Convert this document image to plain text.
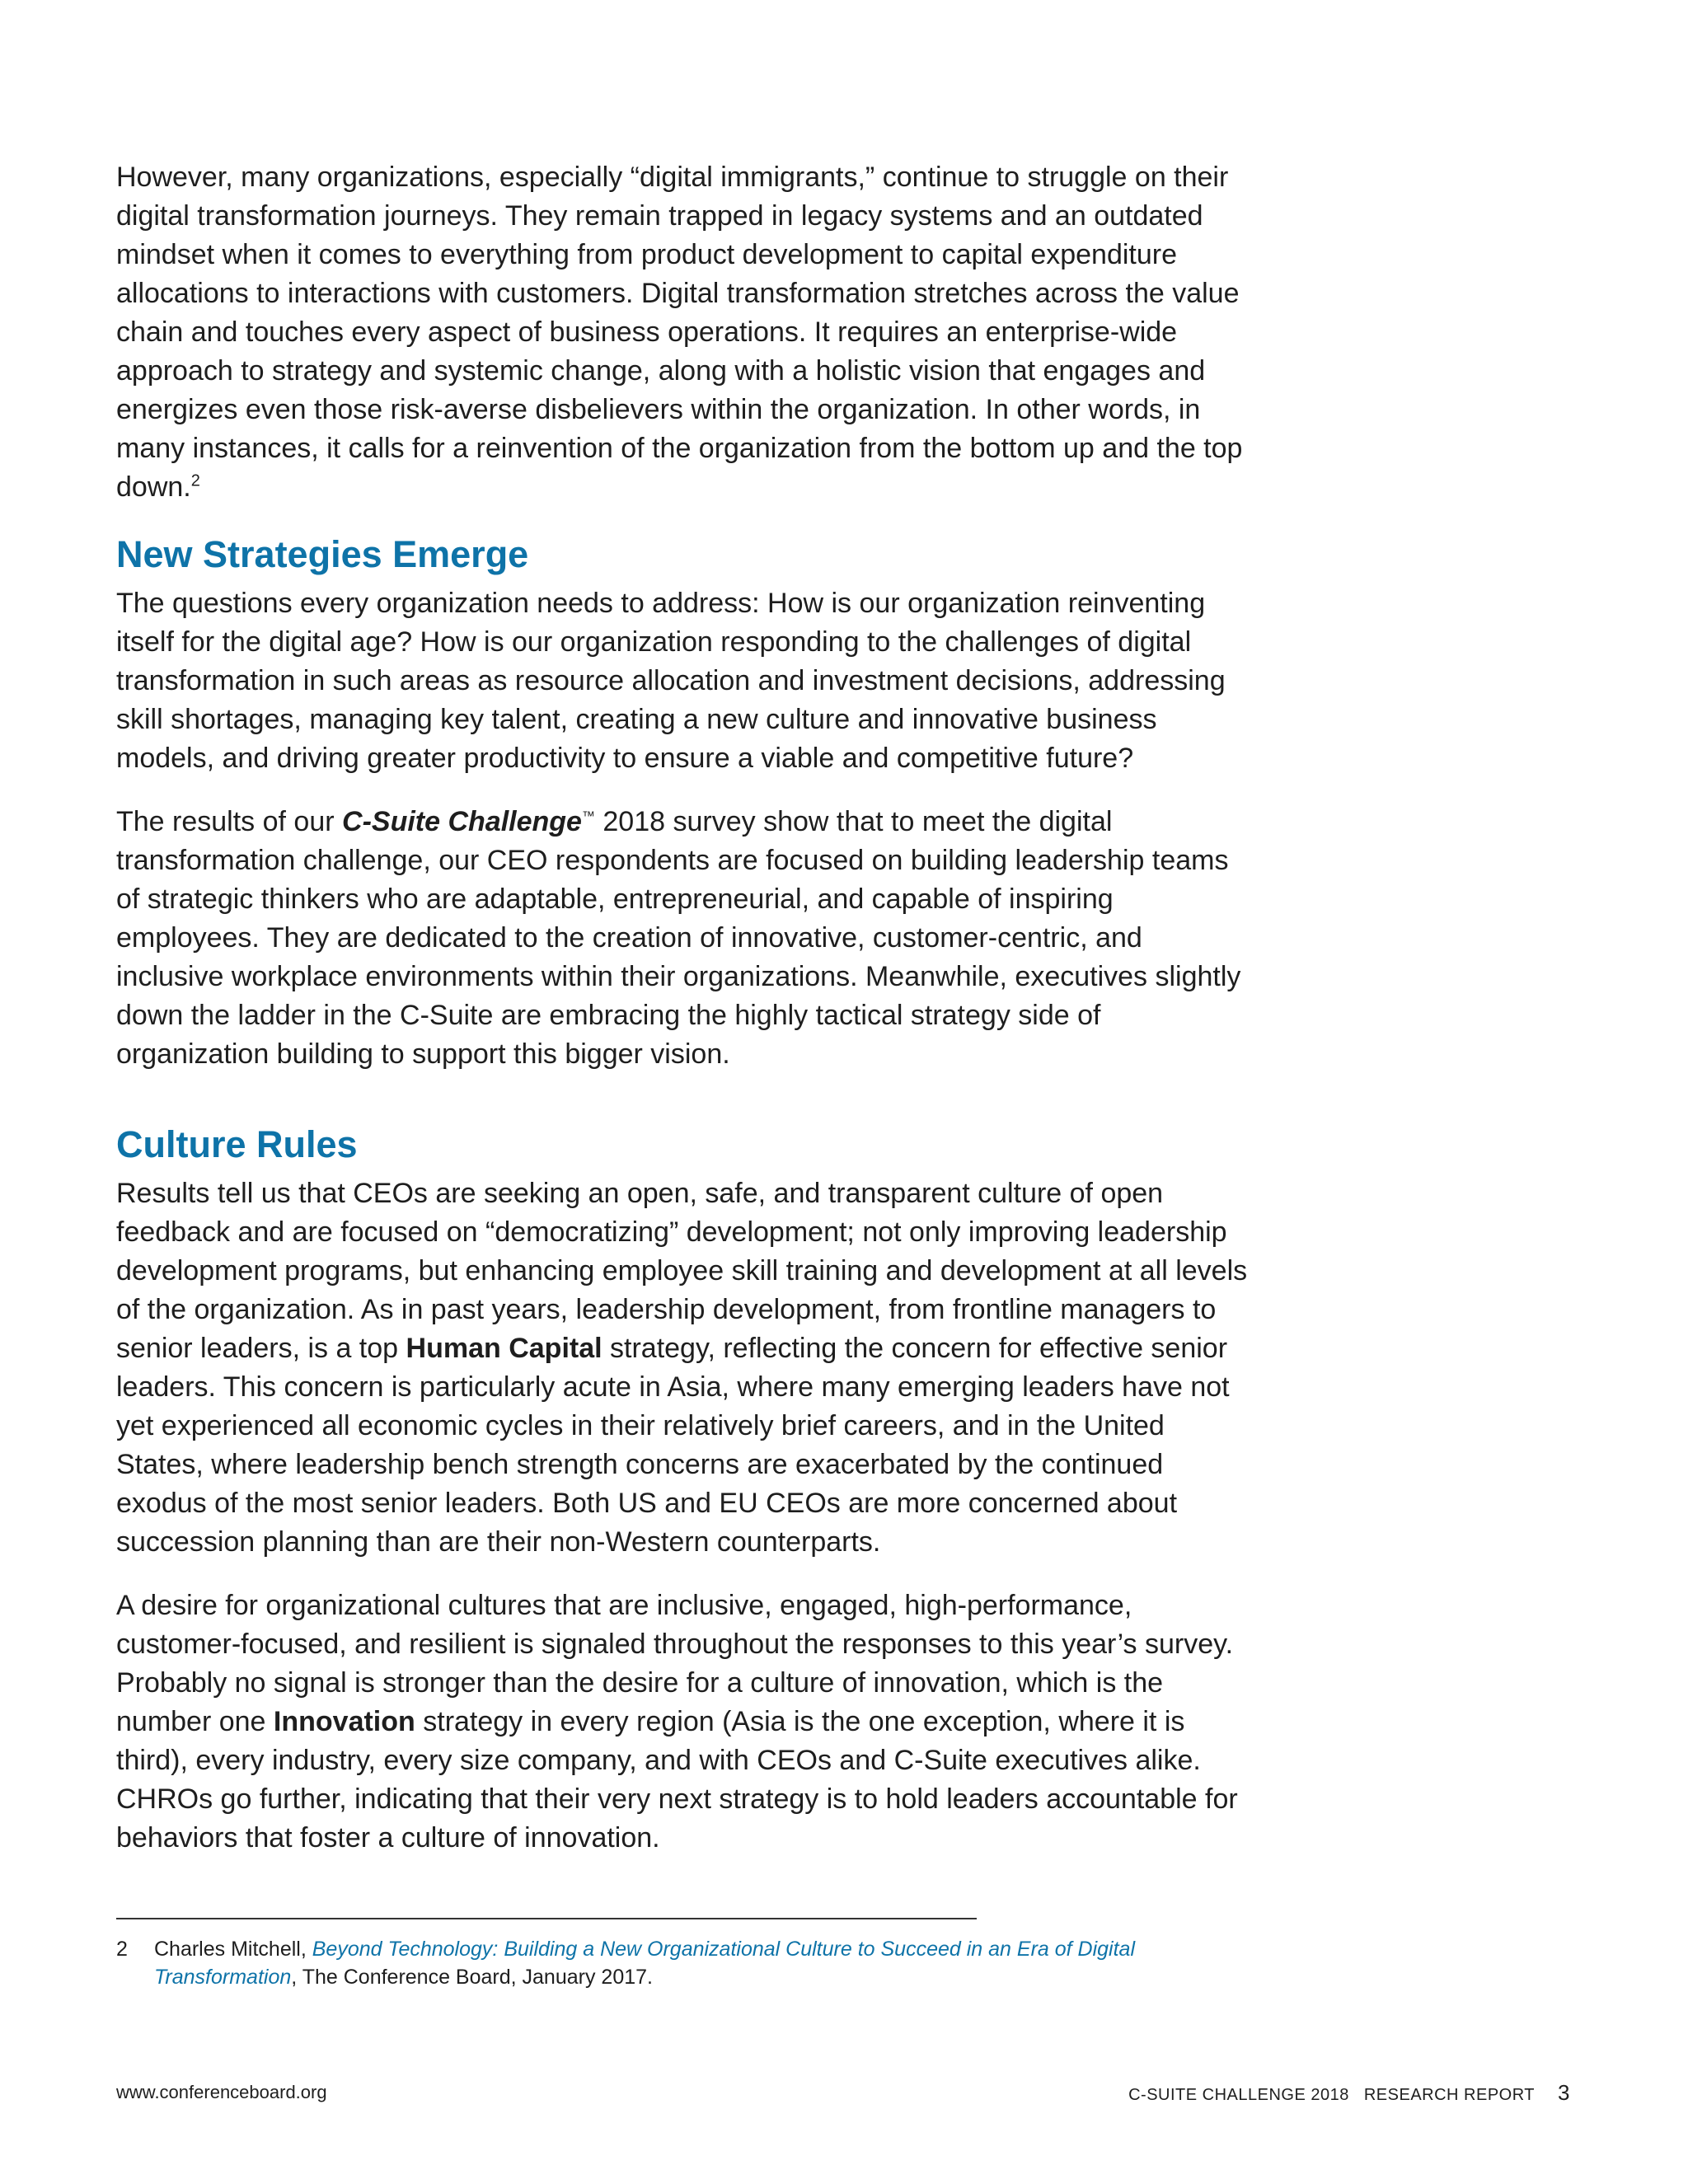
However, many organizations, especially “digital immigrants,” continue to struggle on their digital transformation journeys. They remain trapped in legacy systems and an outdated mindset when it comes to everything from product development to capital expenditure allocations to interactions with customers. Digital transformation stretches across the value chain and touches every aspect of business operations. It requires an enterprise-wide approach to strategy and systemic change, along with a holistic vision that engages and energizes even those risk-averse disbelievers within the organization. In other words, in many instances, it calls for a reinvention of the organization from the bottom up and the top down.$^2$

New Strategies Emerge

The questions every organization needs to address: How is our organization reinventing itself for the digital age? How is our organization responding to the challenges of digital transformation in such areas as resource allocation and investment decisions, addressing skill shortages, managing key talent, creating a new culture and innovative business models, and driving greater productivity to ensure a viable and competitive future?

The results of our C-Suite Challenge™ 2018 survey show that to meet the digital transformation challenge, our CEO respondents are focused on building leadership teams of strategic thinkers who are adaptable, entrepreneurial, and capable of inspiring employees. They are dedicated to the creation of innovative, customer-centric, and inclusive workplace environments within their organizations. Meanwhile, executives slightly down the ladder in the C-Suite are embracing the highly tactical strategy side of organization building to support this bigger vision.

Culture Rules

Results tell us that CEOs are seeking an open, safe, and transparent culture of open feedback and are focused on “democratizing” development; not only improving leadership development programs, but enhancing employee skill training and development at all levels of the organization. As in past years, leadership development, from frontline managers to senior leaders, is a top Human Capital strategy, reflecting the concern for effective senior leaders. This concern is particularly acute in Asia, where many emerging leaders have not yet experienced all economic cycles in their relatively brief careers, and in the United States, where leadership bench strength concerns are exacerbated by the continued exodus of the most senior leaders. Both US and EU CEOs are more concerned about succession planning than are their non-Western counterparts.

A desire for organizational cultures that are inclusive, engaged, high-performance, customer-focused, and resilient is signaled throughout the responses to this year’s survey. Probably no signal is stronger than the desire for a culture of innovation, which is the number one Innovation strategy in every region (Asia is the one exception, where it is third), every industry, every size company, and with CEOs and C-Suite executives alike. CHROs go further, indicating that their very next strategy is to hold leaders accountable for behaviors that foster a culture of innovation.

2 Charles Mitchell, Beyond Technology: Building a New Organizational Culture to Succeed in an Era of Digital Transformation, The Conference Board, January 2017.
www.conferenceboard.org	C-SUITE CHALLENGE 2018 RESEARCH REPORT 3
